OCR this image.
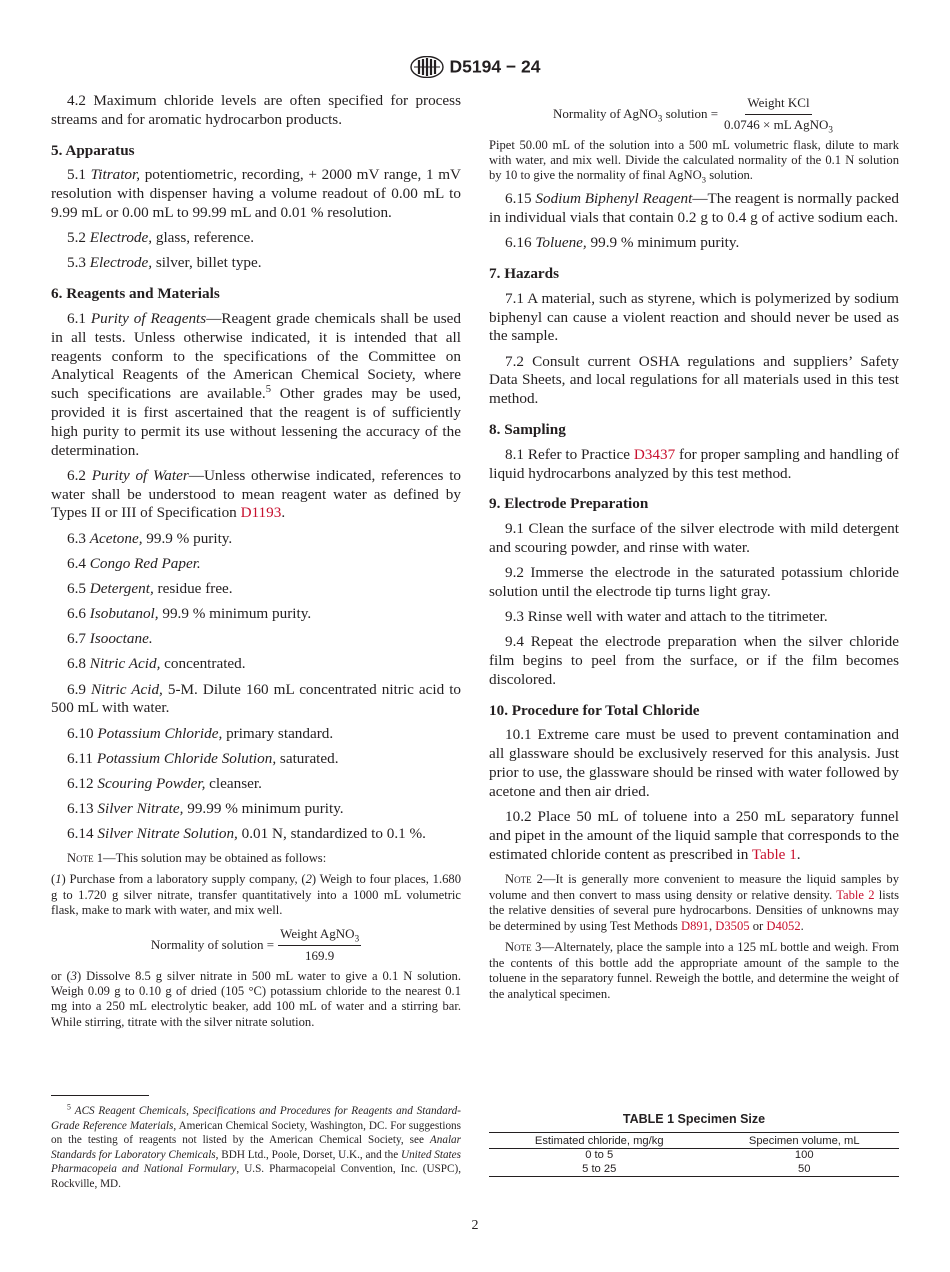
D5194 − 24

4.2 Maximum chloride levels are often specified for process streams and for aromatic hydrocarbon products.

5. Apparatus

5.1 Titrator, potentiometric, recording, + 2000 mV range, 1 mV resolution with dispenser having a volume readout of 0.00 mL to 9.99 mL or 0.00 mL to 99.99 mL and 0.01 % resolution.

5.2 Electrode, glass, reference.

5.3 Electrode, silver, billet type.

6. Reagents and Materials

6.1 Purity of Reagents—Reagent grade chemicals shall be used in all tests. Unless otherwise indicated, it is intended that all reagents conform to the specifications of the Committee on Analytical Reagents of the American Chemical Society, where such specifications are available.$^5$ Other grades may be used, provided it is first ascertained that the reagent is of sufficiently high purity to permit its use without lessening the accuracy of the determination.

6.2 Purity of Water—Unless otherwise indicated, references to water shall be understood to mean reagent water as defined by Types II or III of Specification D1193.

6.3 Acetone, 99.9 % purity.

6.4 Congo Red Paper.

6.5 Detergent, residue free.

6.6 Isobutanol, 99.9 % minimum purity.

6.7 Isooctane.

6.8 Nitric Acid, concentrated.

6.9 Nitric Acid, 5-M. Dilute 160 mL concentrated nitric acid to 500 mL with water.

6.10 Potassium Chloride, primary standard.

6.11 Potassium Chloride Solution, saturated.

6.12 Scouring Powder, cleanser.

6.13 Silver Nitrate, 99.99 % minimum purity.

6.14 Silver Nitrate Solution, 0.01 N, standardized to 0.1 %.

Note 1—This solution may be obtained as follows:

(1) Purchase from a laboratory supply company, (2) Weigh to four places, 1.680 g to 1.720 g silver nitrate, transfer quantitatively into a 1000 mL volumetric flask, make to mark with water, and mix well.

Normality of solution = $\frac{Weight AgNO_3}{169.9}$

or (3) Dissolve 8.5 g silver nitrate in 500 mL water to give a 0.1 N solution. Weigh 0.09 g to 0.10 g of dried (105 °C) potassium chloride to the nearest 0.1 mg into a 250 mL electrolytic beaker, add 100 mL of water and a stirring bar. While stirring, titrate with the silver nitrate solution.

$^5$ ACS Reagent Chemicals, Specifications and Procedures for Reagents and Standard-Grade Reference Materials, American Chemical Society, Washington, DC. For suggestions on the testing of reagents not listed by the American Chemical Society, see Analar Standards for Laboratory Chemicals, BDH Ltd., Poole, Dorset, U.K., and the United States Pharmacopeia and National Formulary, U.S. Pharmacopeial Convention, Inc. (USPC), Rockville, MD.
Normality of AgNO$_3$ solution = $\frac{\text{Weight KCl}}{0.0746 \times mL AgNO_3}$

Pipet 50.00 mL of the solution into a 500 mL volumetric flask, dilute to mark with water, and mix well. Divide the calculated normality of the 0.1 N solution by 10 to give the normality of final AgNO$_3$ solution.

6.15 Sodium Biphenyl Reagent—The reagent is normally packed in individual vials that contain 0.2 g to 0.4 g of active sodium each.

6.16 Toluene, 99.9 % minimum purity.

7. Hazards

7.1 A material, such as styrene, which is polymerized by sodium biphenyl can cause a violent reaction and should never be used as the sample.

7.2 Consult current OSHA regulations and suppliers’ Safety Data Sheets, and local regulations for all materials used in this test method.

8. Sampling

8.1 Refer to Practice D3437 for proper sampling and handling of liquid hydrocarbons analyzed by this test method.

9. Electrode Preparation

9.1 Clean the surface of the silver electrode with mild detergent and scouring powder, and rinse with water.

9.2 Immerse the electrode in the saturated potassium chloride solution until the electrode tip turns light gray.

9.3 Rinse well with water and attach to the titrimeter.

9.4 Repeat the electrode preparation when the silver chloride film begins to peel from the surface, or if the film becomes discolored.

10. Procedure for Total Chloride

10.1 Extreme care must be used to prevent contamination and all glassware should be exclusively reserved for this analysis. Just prior to use, the glassware should be rinsed with water followed by acetone and then air dried.

10.2 Place 50 mL of toluene into a 250 mL separatory funnel and pipet in the amount of the liquid sample that corresponds to the estimated chloride content as prescribed in Table 1.

Note 2—It is generally more convenient to measure the liquid samples by volume and then convert to mass using density or relative density. Table 2 lists the relative densities of several pure hydrocarbons. Densities of unknowns may be determined by using Test Methods D891, D3505 or D4052.

Note 3—Alternately, place the sample into a 125 mL bottle and weigh. From the contents of this bottle add the appropriate amount of the sample to the toluene in the separatory funnel. Reweigh the bottle, and determine the weight of the analytical specimen.

TABLE 1 Specimen Size
Estimated chloride, mg/kg	Specimen volume, mL
0 to 5	100
5 to 25	50
2
